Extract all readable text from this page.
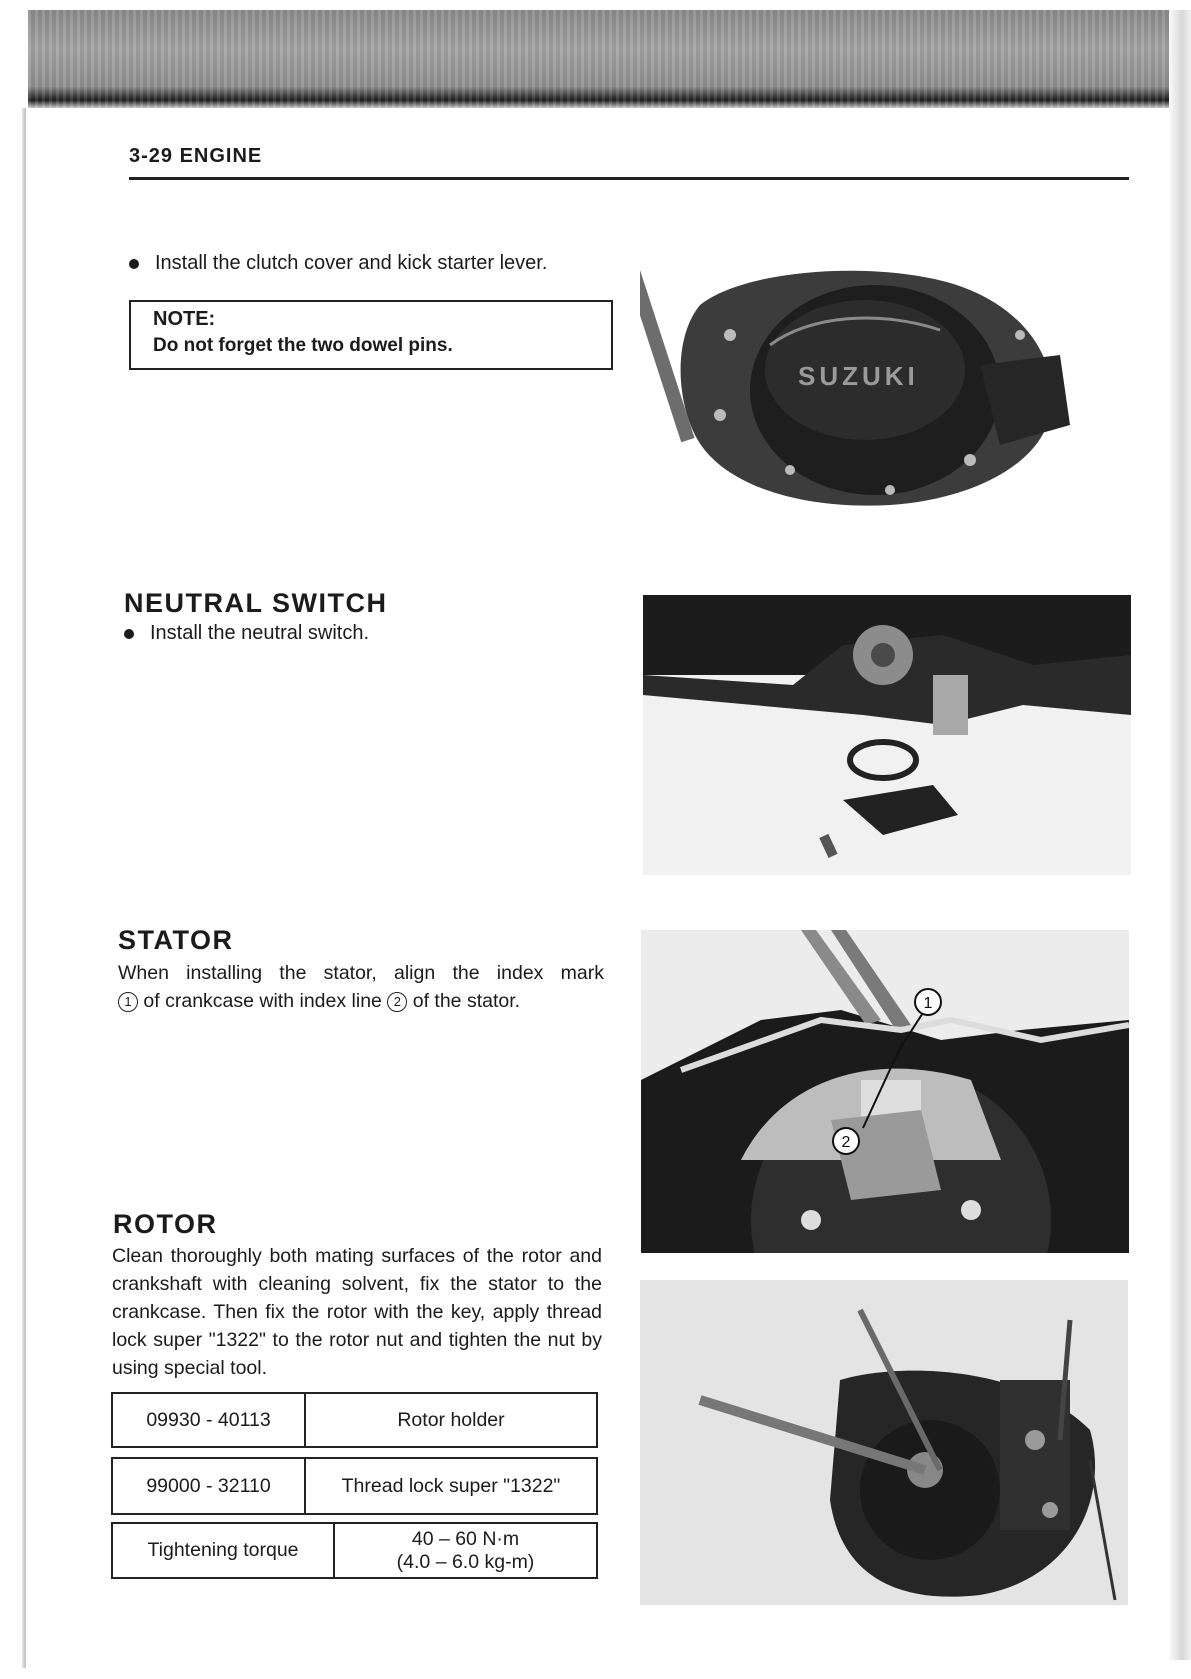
3-29 ENGINE
Install the clutch cover and kick starter lever.
NOTE:
Do not forget the two dowel pins.
NEUTRAL SWITCH
Install the neutral switch.
STATOR
When installing the stator, align the index mark
1 of crankcase with index line 2 of the stator.
ROTOR
Clean thoroughly both mating surfaces of the rotor and crankshaft with cleaning solvent, fix the stator to the crankcase. Then fix the rotor with the key, apply thread lock super "1322" to the rotor nut and tighten the nut by using special tool.
09930 - 40113	Rotor holder
99000 - 32110	Thread lock super "1322"
Tightening torque
40 – 60 N·m
(4.0 – 6.0 kg-m)
SUZUKI
1
2
